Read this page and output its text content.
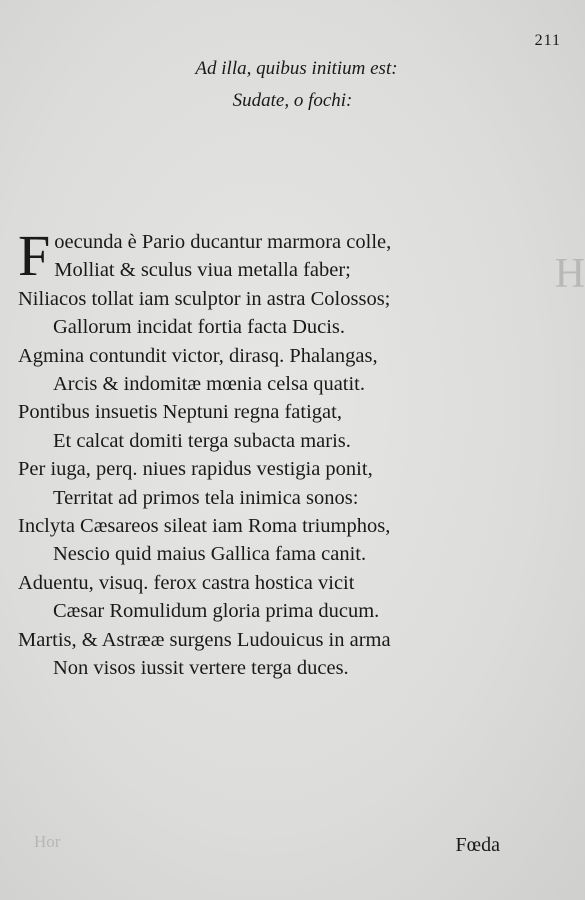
H
Hor
211
Ad illa, quibus initium est:
Sudate, o fochi:
F oecunda è Pario ducantur marmora colle,
Molliat & sculus viua metalla faber;
Niliacos tollat iam sculptor in astra Colossos;
Gallorum incidat fortia facta Ducis.
Agmina contundit victor, dirasq. Phalangas,
Arcis & indomitæ mœnia celsa quatit.
Pontibus insuetis Neptuni regna fatigat,
Et calcat domiti terga subacta maris.
Per iuga, perq. niues rapidus vestigia ponit,
Territat ad primos tela inimica sonos:
Inclyta Cæsareos sileat iam Roma triumphos,
Nescio quid maius Gallica fama canit.
Aduentu, visuq. ferox castra hostica vicit
Cæsar Romulidum gloria prima ducum.
Martis, & Astrææ surgens Ludouicus in arma
Non visos iussit vertere terga duces.
Fœda
